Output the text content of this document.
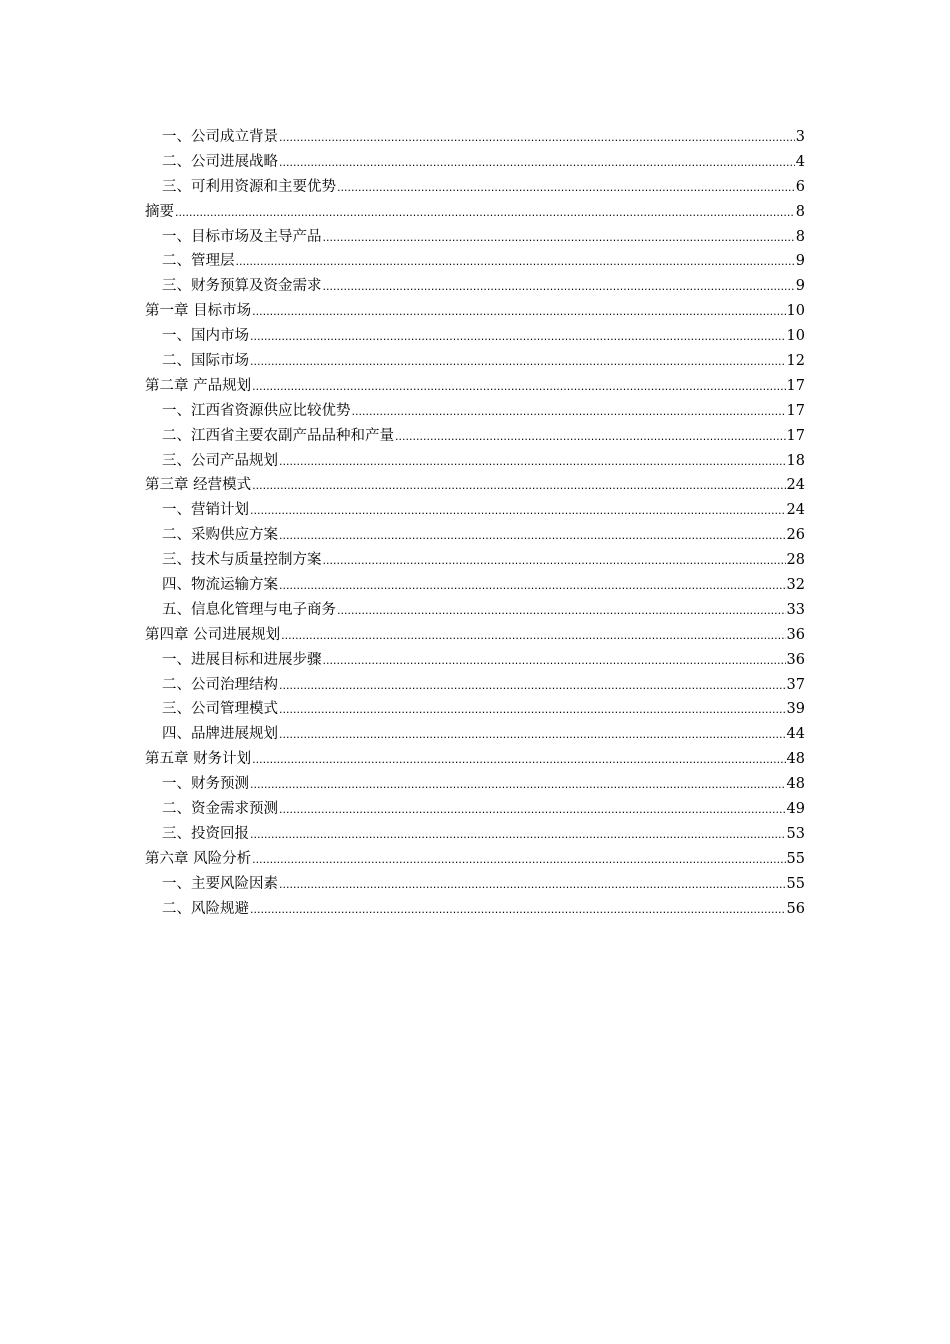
一、公司成立背景 .....	3
二、公司进展战略 .....	4
三、可利用资源和主要优势 .....	6
摘要 .....	8
一、目标市场及主导产品 .....	8
二、管理层 .....	9
三、财务预算及资金需求 .....	9
第一章 目标市场 .....	10
一、国内市场 .....	10
二、国际市场 .....	12
第二章 产品规划 .....	17
一、江西省资源供应比较优势 .....	17
二、江西省主要农副产品品种和产量 .....	17
三、公司产品规划 .....	18
第三章 经营模式 .....	24
一、营销计划 .....	24
二、采购供应方案 .....	26
三、技术与质量控制方案 .....	28
四、物流运输方案 .....	32
五、信息化管理与电子商务 .....	33
第四章 公司进展规划 .....	36
一、进展目标和进展步骤 .....	36
二、公司治理结构 .....	37
三、公司管理模式 .....	39
四、品牌进展规划 .....	44
第五章 财务计划 .....	48
一、财务预测 .....	48
二、资金需求预测 .....	49
三、投资回报 .....	53
第六章 风险分析 .....	55
一、主要风险因素 .....	55
二、风险规避 .....	56
